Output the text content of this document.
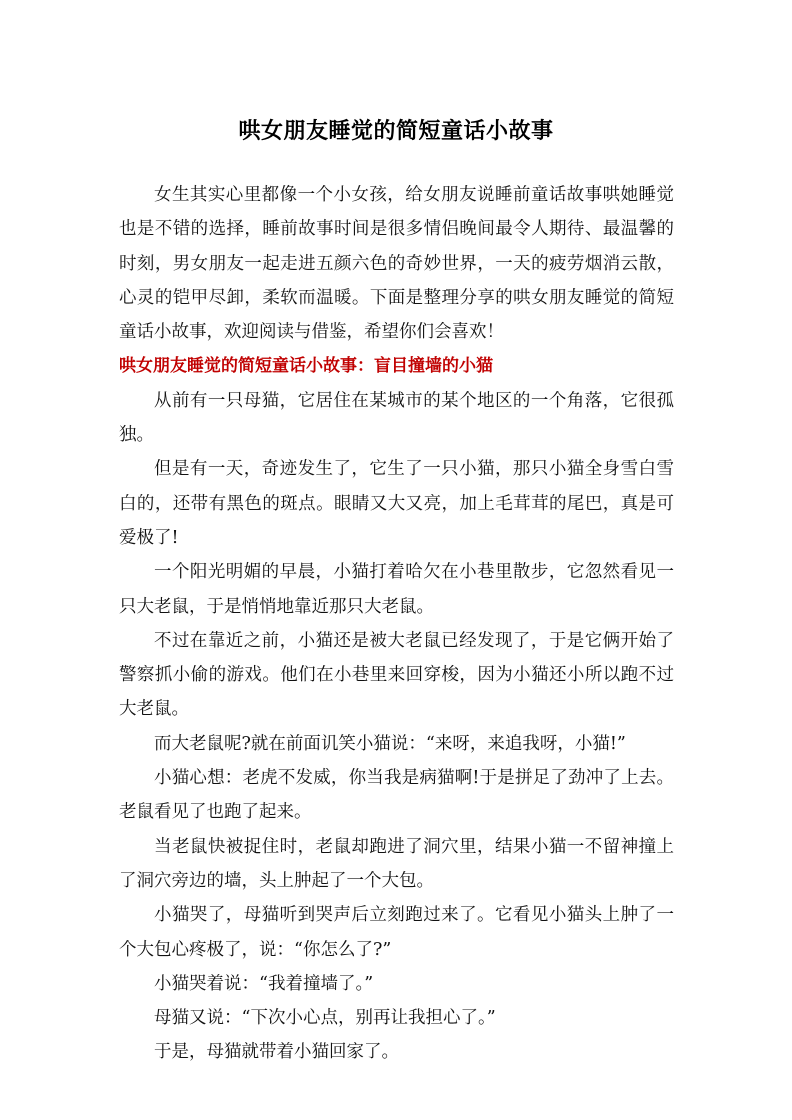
哄女朋友睡觉的简短童话小故事

女生其实心里都像一个小女孩，给女朋友说睡前童话故事哄她睡觉也是不错的选择，睡前故事时间是很多情侣晚间最令人期待、最温馨的时刻，男女朋友一起走进五颜六色的奇妙世界，一天的疲劳烟消云散，心灵的铠甲尽卸，柔软而温暖。下面是整理分享的哄女朋友睡觉的简短童话小故事，欢迎阅读与借鉴，希望你们会喜欢！

哄女朋友睡觉的简短童话小故事：盲目撞墙的小猫

从前有一只母猫，它居住在某城市的某个地区的一个角落，它很孤独。

但是有一天，奇迹发生了，它生了一只小猫，那只小猫全身雪白雪白的，还带有黑色的斑点。眼睛又大又亮，加上毛茸茸的尾巴，真是可爱极了!

一个阳光明媚的早晨，小猫打着哈欠在小巷里散步，它忽然看见一只大老鼠，于是悄悄地靠近那只大老鼠。

不过在靠近之前，小猫还是被大老鼠已经发现了，于是它俩开始了警察抓小偷的游戏。他们在小巷里来回穿梭，因为小猫还小所以跑不过大老鼠。

而大老鼠呢?就在前面讥笑小猫说：“来呀，来追我呀，小猫!”

小猫心想：老虎不发威，你当我是病猫啊!于是拼足了劲冲了上去。老鼠看见了也跑了起来。

当老鼠快被捉住时，老鼠却跑进了洞穴里，结果小猫一不留神撞上了洞穴旁边的墙，头上肿起了一个大包。

小猫哭了，母猫听到哭声后立刻跑过来了。它看见小猫头上肿了一个大包心疼极了，说：“你怎么了?”

小猫哭着说：“我着撞墙了。”

母猫又说：“下次小心点，别再让我担心了。”

于是，母猫就带着小猫回家了。
